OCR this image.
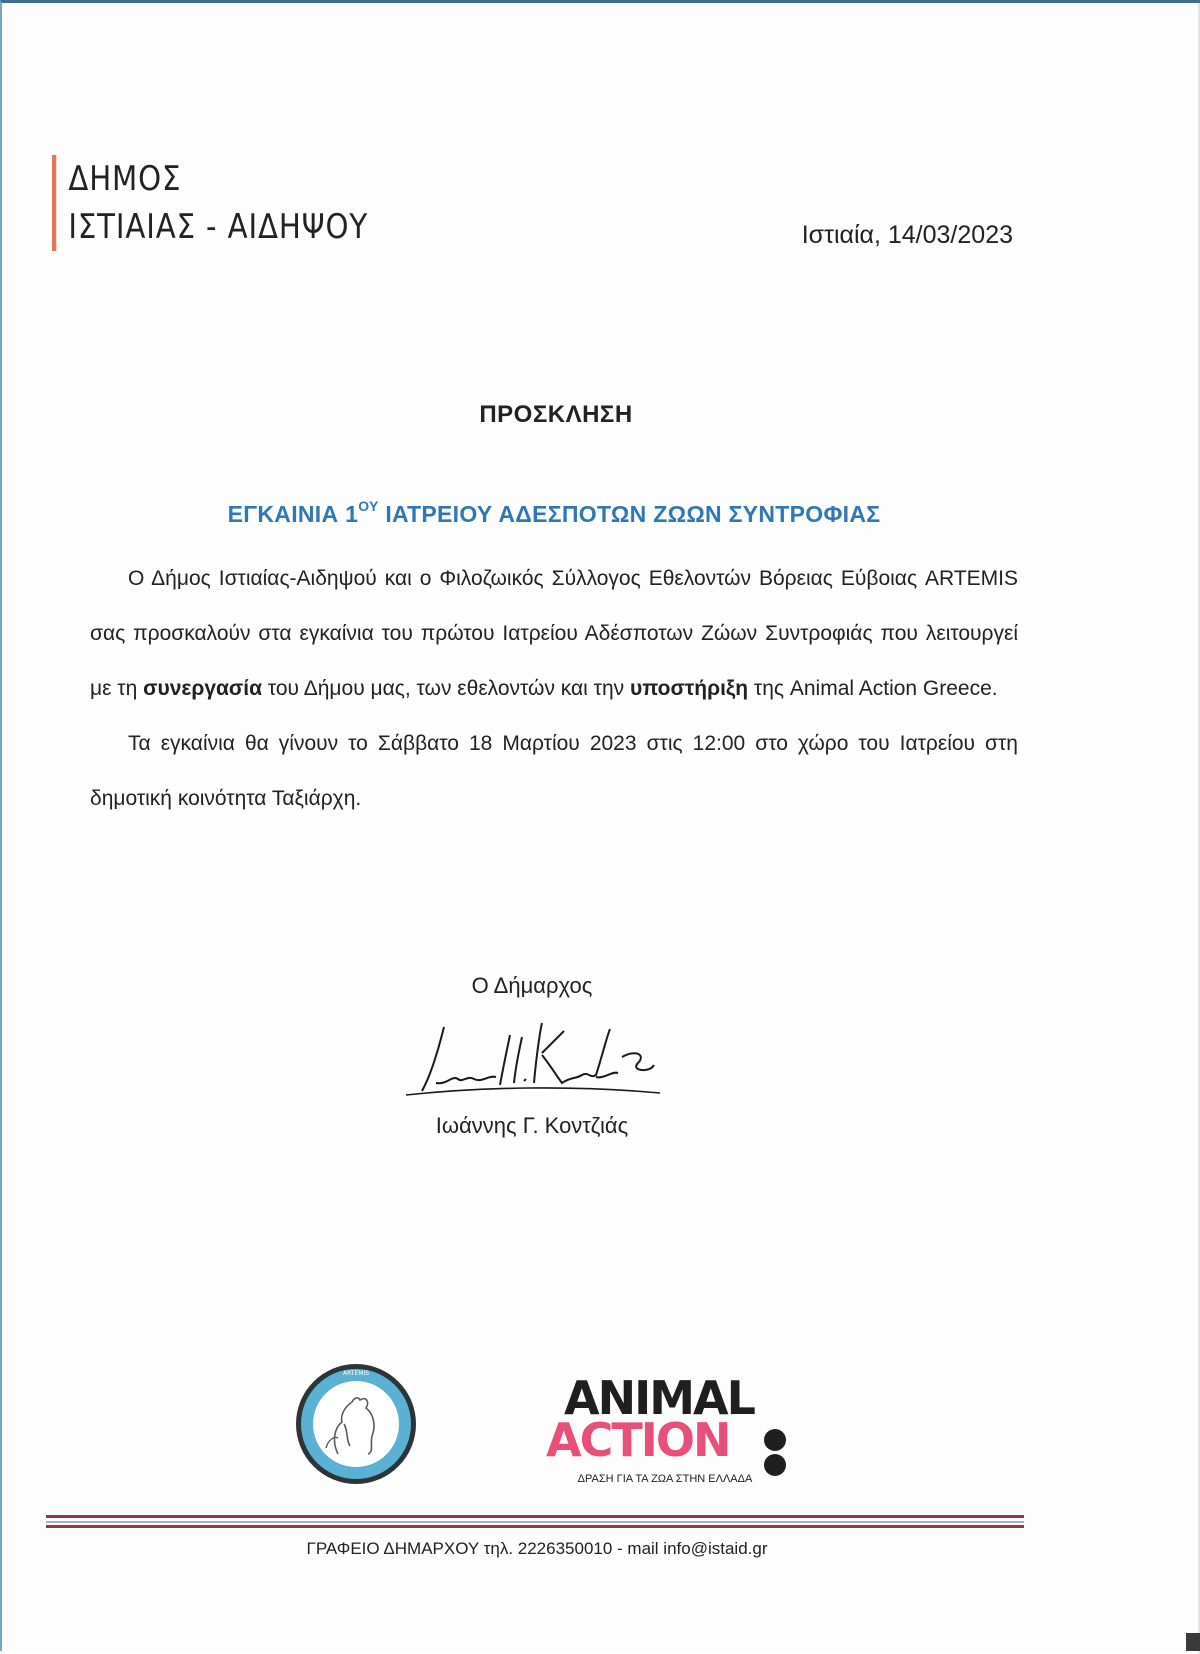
ΔΗΜΟΣ
ΙΣΤΙΑΙΑΣ - ΑΙΔΗΨΟΥ	Ιστιαία, 14/03/2023
ΠΡΟΣΚΛΗΣΗ
ΕΓΚΑΙΝΙΑ $1^{O\Upsilon}$ ΙΑΤΡΕΙΟΥ ΑΔΕΣΠΟΤΩΝ ΖΩΩΝ ΣΥΝΤΡΟΦΙΑΣ

Ο Δήμος Ιστιαίας-Αιδηψού και ο Φιλοζωικός Σύλλογος Εθελοντών Βόρειας Εύβοιας ARTEMIS σας προσκαλούν στα εγκαίνια του πρώτου Ιατρείου Αδέσποτων Ζώων Συντροφιάς που λειτουργεί με τη συνεργασία του Δήμου μας, των εθελοντών και την υποστήριξη της Animal Action Greece.

Τα εγκαίνια θα γίνουν το Σάββατο 18 Μαρτίου 2023 στις 12:00 στο χώρο του Ιατρείου στη δημοτική κοινότητα Ταξιάρχη.

Ο Δήμαρχος
Ιωάννης Γ. Κοντζιάς
ARTEMIS	ANIMAL
ACTION
ΔΡΑΣΗ ΓΙΑ ΤΑ ΖΩΑ ΣΤΗΝ ΕΛΛΑΔΑ
ΓΡΑΦΕΙΟ ΔΗΜΑΡΧΟΥ τηλ. 2226350010 - mail info@istaid.gr
